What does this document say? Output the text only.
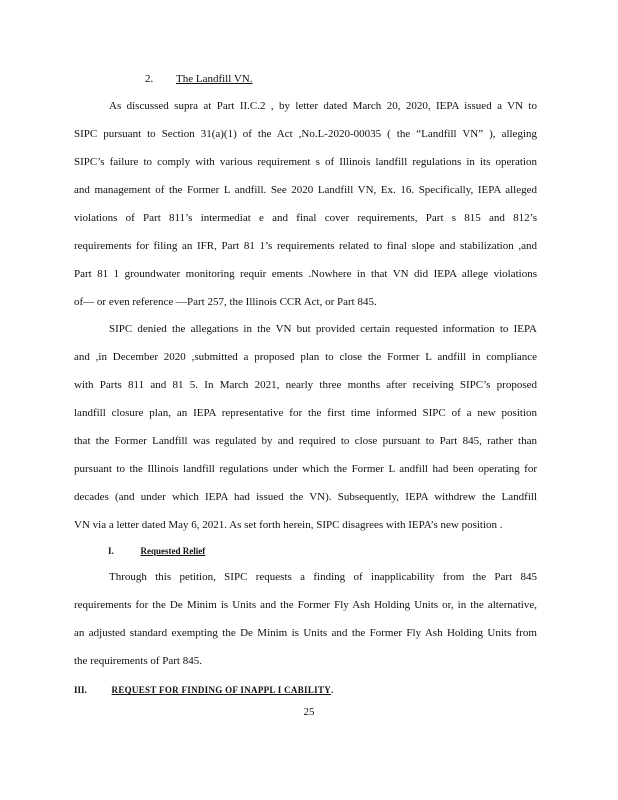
2. The Landfill VN.
As discussed supra at Part II.C.2 , by letter dated March 20, 2020, IEPA issued a VN to
SIPC pursuant to Section 31(a)(1) of the Act ,No.L-2020-00035 ( the “Landfill VN” ), alleging
SIPC’s failure to comply with various requirement s of Illinois landfill regulations in its operation
and management of the Former L andfill. See 2020 Landfill VN, Ex. 16. Specifically, IEPA alleged
violations of Part 811’s intermediat e and final cover requirements, Part s 815 and 812’s
requirements for filing an IFR, Part 81 1’s requirements related to final slope and stabilization ,and
Part 81 1 groundwater monitoring requir ements .Nowhere in that VN did IEPA allege violations
of— or even reference —Part 257, the Illinois CCR Act, or Part 845.
SIPC denied the allegations in the VN but provided certain requested information to IEPA
and ,in December 2020 ,submitted a proposed plan to close the Former L andfill in compliance
with Parts 811 and 81 5. In March 2021, nearly three months after receiving SIPC’s proposed
landfill closure plan, an IEPA representative for the first time informed SIPC of a new position
that the Former Landfill was regulated by and required to close pursuant to Part 845, rather than
pursuant to the Illinois landfill regulations under which the Former L andfill had been operating for
decades (and under which IEPA had issued the VN). Subsequently, IEPA withdrew the Landfill
VN via a letter dated May 6, 2021. As set forth herein, SIPC disagrees with IEPA’s new position .
I.	Requested Relief
Through this petition, SIPC requests a finding of inapplicability from the Part 845
requirements for the De Minim is Units and the Former Fly Ash Holding Units or, in the alternative,
an adjusted standard exempting the De Minim is Units and the Former Fly Ash Holding Units from
the requirements of Part 845.
III.	REQUEST FOR FINDING OF INAPPL I CABILITY.
25
